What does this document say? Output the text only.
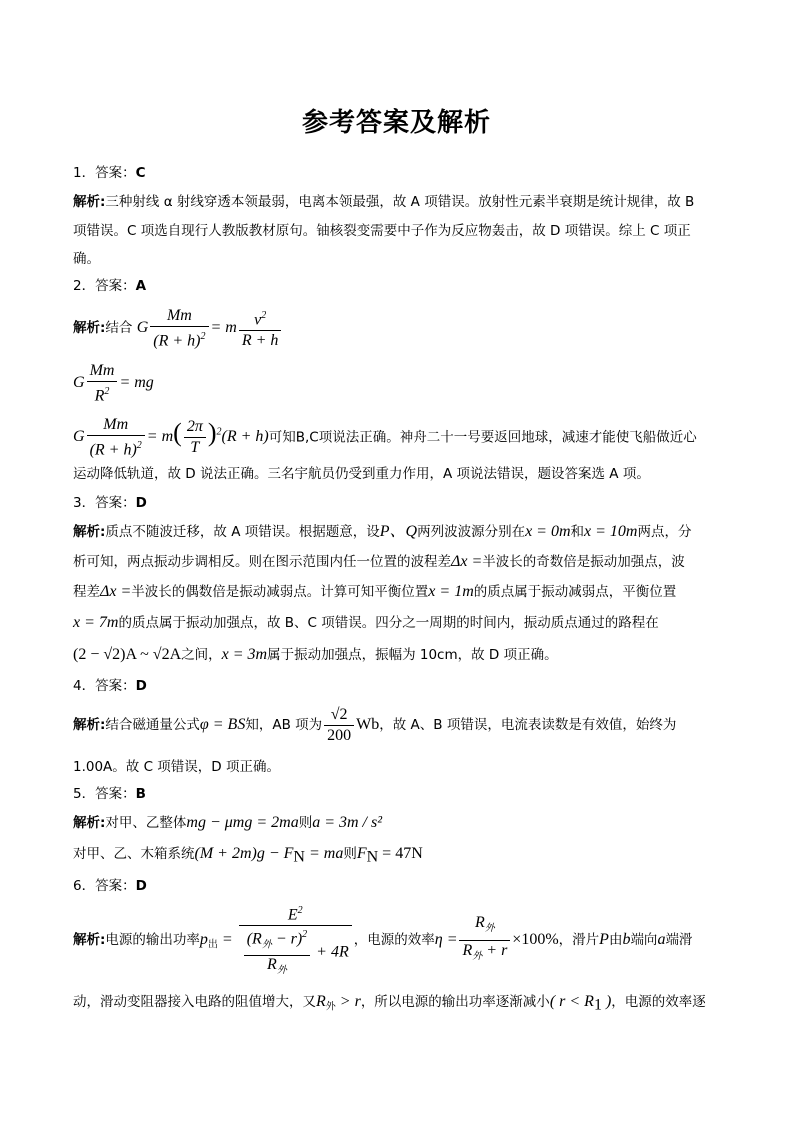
参考答案及解析
1．答案：C
解析:三种射线 α 射线穿透本领最弱，电离本领最强，故 A 项错误。放射性元素半衰期是统计规律，故 B
项错误。C 项选自现行人教版教材原句。铀核裂变需要中子作为反应物轰击，故 D 项错误。综上 C 项正
确。
2．答案：A
解析:结合 G $\frac{Mm}{(R + h)^2} = m \frac{v^2}{R + h}$
G $\frac{Mm}{R^2}$ = mg
G $\frac{Mm}{(R + h)^2} = m( \frac{2\pi}{T} )^2(R + h)$可知B,C项说法正确。神舟二十一号要返回地球，减速才能使飞船做近心
运动降低轨道，故 D 说法正确。三名宇航员仍受到重力作用，A 项说法错误，题设答案选 A 项。
3．答案：D
解析:质点不随波迁移，故 A 项错误。根据题意，设P、Q两列波波源分别在x = 0m和x = 10m两点，分
析可知，两点振动步调相反。则在图示范围内任一位置的波程差Δx =半波长的奇数倍是振动加强点，波
程差Δx =半波长的偶数倍是振动减弱点。计算可知平衡位置x = 1m的质点属于振动减弱点，平衡位置
x = 7m的质点属于振动加强点，故 B、C 项错误。四分之一周期的时间内，振动质点通过的路程在
(2 − √2)A ~ √2A之间，x = 3m属于振动加强点，振幅为 10cm，故 D 项正确。
4．答案：D
解析:结合磁通量公式φ = BS知，AB 项为 $\frac{√2}{200}$ Wb，故 A、B 项错误，电流表读数是有效值，始终为
1.00A。故 C 项错误，D 项正确。
5．答案：B
解析:对甲、乙整体mg − μmg = 2ma则a = 3m / s²
对甲、乙、木箱系统$(M + 2m)g - F_N$ = ma则$F_N = 47N$
6．答案：D
解析:电源的输出功率$p_出 = \frac{E^2}{\frac{(R_外 - r)^2}{R_外} + 4R}$ ，电源的效率$\eta = \frac{R_外}{R_外 + r} \times 100\%$，滑片P由b端向a端滑
动，滑动变阻器接入电路的阻值增大，又$R_外 > r$，所以电源的输出功率逐渐减小( $r < R_1$ )，电源的效率逐
